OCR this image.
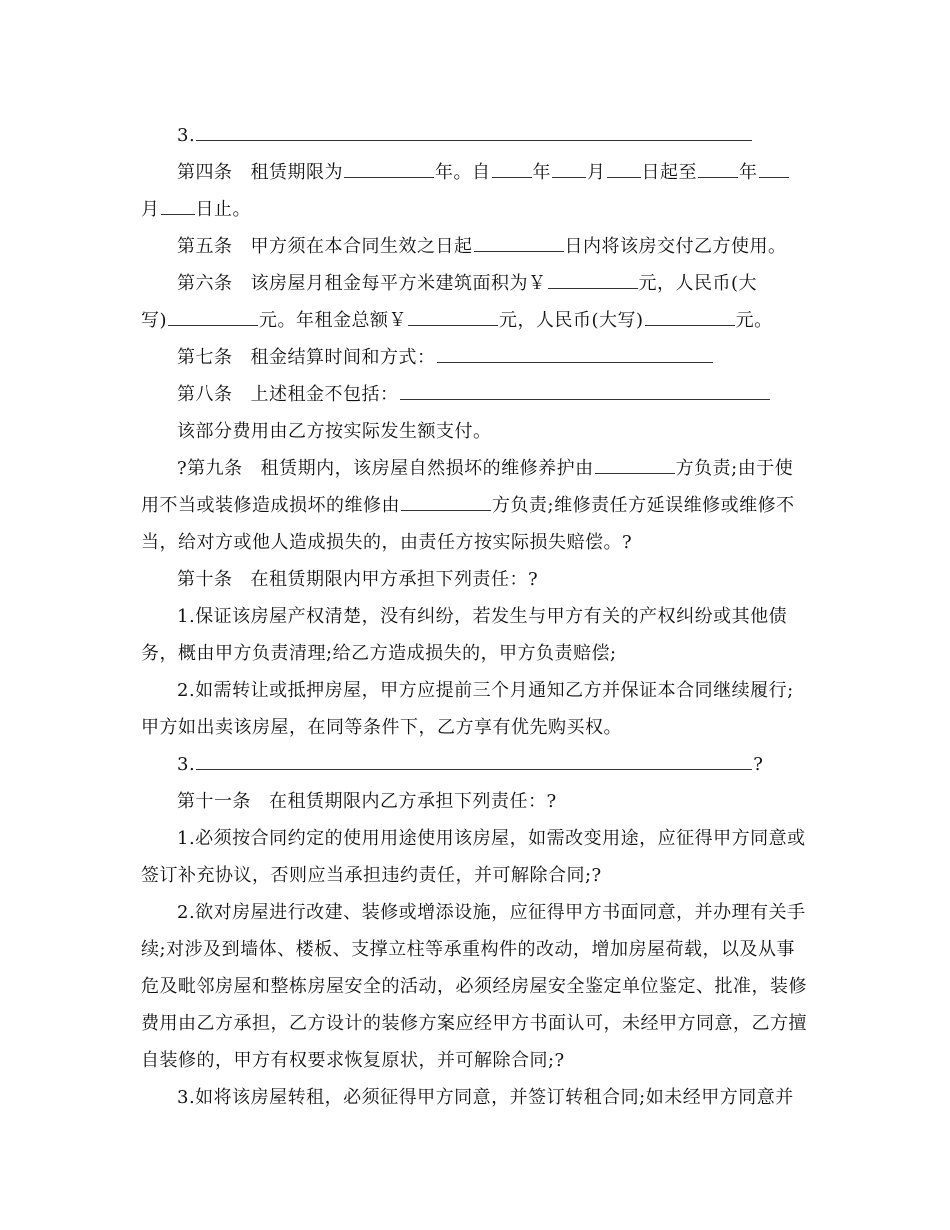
3.

第四条 租赁期限为	年。自 年 月 日起至 年

月 日止。

第五条 甲方须在本合同生效之日起	日内将该房交付乙方使用。

第六条 该房屋月租金每平方米建筑面积为￥	元，人民币(大

写)	元。年租金总额￥	元，人民币(大写)	元。

第七条 租金结算时间和方式：

第八条 上述租金不包括：

该部分费用由乙方按实际发生额支付。

?第九条 租赁期内，该房屋自然损坏的维修养护由	方负责;由于使

用不当或装修造成损坏的维修由	方负责;维修责任方延误维修或维修不

当，给对方或他人造成损失的，由责任方按实际损失赔偿。?

第十条 在租赁期限内甲方承担下列责任：?

1.保证该房屋产权清楚，没有纠纷，若发生与甲方有关的产权纠纷或其他债

务，概由甲方负责清理;给乙方造成损失的，甲方负责赔偿;

2.如需转让或抵押房屋，甲方应提前三个月通知乙方并保证本合同继续履行;

甲方如出卖该房屋，在同等条件下，乙方享有优先购买权。

3.	?

第十一条 在租赁期限内乙方承担下列责任：?

1.必须按合同约定的使用用途使用该房屋，如需改变用途，应征得甲方同意或

签订补充协议，否则应当承担违约责任，并可解除合同;?

2.欲对房屋进行改建、装修或增添设施，应征得甲方书面同意，并办理有关手

续;对涉及到墙体、楼板、支撑立柱等承重构件的改动，增加房屋荷载，以及从事

危及毗邻房屋和整栋房屋安全的活动，必须经房屋安全鉴定单位鉴定、批准，装修

费用由乙方承担，乙方设计的装修方案应经甲方书面认可，未经甲方同意，乙方擅

自装修的，甲方有权要求恢复原状，并可解除合同;?

3.如将该房屋转租，必须征得甲方同意，并签订转租合同;如未经甲方同意并
